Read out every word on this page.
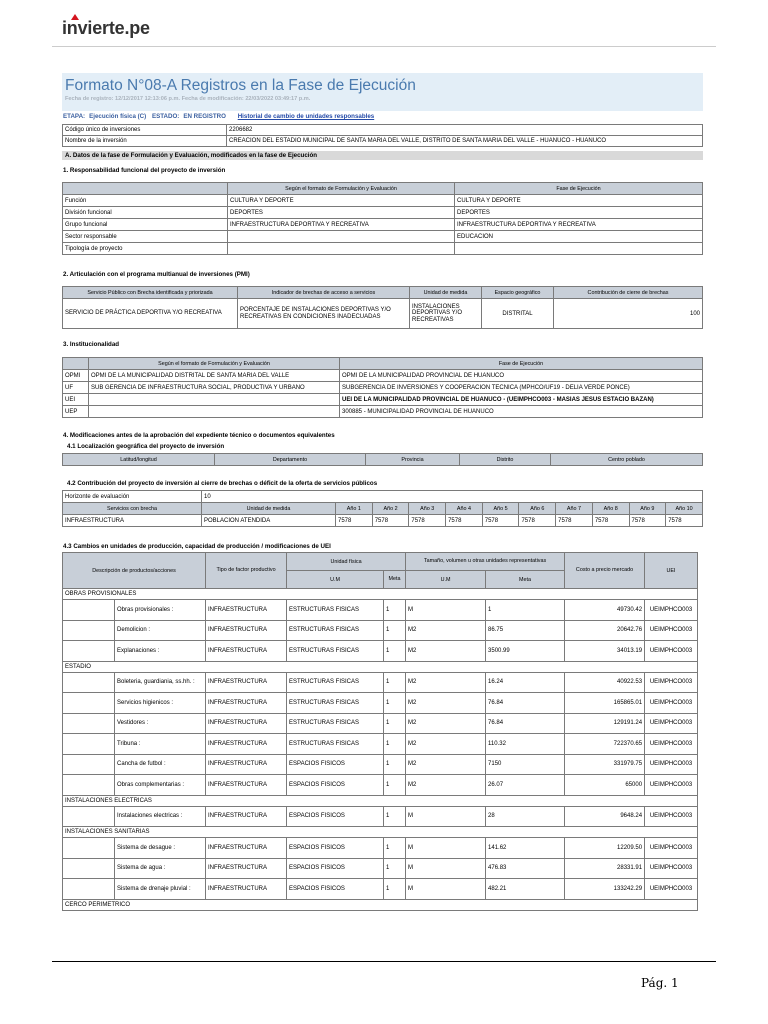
invierte.pe
Formato N°08-A Registros en la Fase de Ejecución
Fecha de registro: 12/12/2017 12:13:06 p.m. Fecha de modificación: 22/03/2022 03:49:17 p.m.
ETAPA: Ejecución física (C) ESTADO: EN REGISTRO Historial de cambio de unidades responsables
Código único de inversiones	2206682
Nombre de la inversión	CREACION DEL ESTADIO MUNICIPAL DE SANTA MARIA DEL VALLE, DISTRITO DE SANTA MARIA DEL VALLE - HUANUCO - HUANUCO
A. Datos de la fase de Formulación y Evaluación, modificados en la fase de Ejecución
1. Responsabilidad funcional del proyecto de inversión
	Según el formato de Formulación y Evaluación	Fase de Ejecución
Función	CULTURA Y DEPORTE	CULTURA Y DEPORTE
División funcional	DEPORTES	DEPORTES
Grupo funcional	INFRAESTRUCTURA DEPORTIVA Y RECREATIVA	INFRAESTRUCTURA DEPORTIVA Y RECREATIVA
Sector responsable		EDUCACION
Tipología de proyecto		
2. Articulación con el programa multianual de inversiones (PMI)
Servicio Público con Brecha identificada y priorizada	Indicador de brechas de acceso a servicios	Unidad de medida	Espacio geográfico	Contribución de cierre de brechas
SERVICIO DE PRÁCTICA DEPORTIVA Y/O RECREATIVA	PORCENTAJE DE INSTALACIONES DEPORTIVAS Y/O RECREATIVAS EN CONDICIONES INADECUADAS	INSTALACIONES DEPORTIVAS Y/O RECREATIVAS	DISTRITAL	100
3. Institucionalidad
	Según el formato de Formulación y Evaluación	Fase de Ejecución
OPMI	OPMI DE LA MUNICIPALIDAD DISTRITAL DE SANTA MARIA DEL VALLE	OPMI DE LA MUNICIPALIDAD PROVINCIAL DE HUANUCO
UF	SUB GERENCIA DE INFRAESTRUCTURA SOCIAL, PRODUCTIVA Y URBANO	SUBGERENCIA DE INVERSIONES Y COOPERACION TECNICA (MPHCO/UF19 - DELIA VERDE PONCE)
UEI		UEI DE LA MUNICIPALIDAD PROVINCIAL DE HUANUCO - (UEIMPHCO003 - MASIAS JESUS ESTACIO BAZAN)
UEP		300885 - MUNICIPALIDAD PROVINCIAL DE HUANUCO
4. Modificaciones antes de la aprobación del expediente técnico o documentos equivalentes
4.1 Localización geográfica del proyecto de inversión
Latitud/longitud	Departamento	Provincia	Distrito	Centro poblado
4.2 Contribución del proyecto de inversión al cierre de brechas o déficit de la oferta de servicios públicos
Horizonte de evaluación	10										
Servicios con brecha	Unidad de medida	Año 1	Año 2	Año 3	Año 4	Año 5	Año 6	Año 7	Año 8	Año 9	Año 10
INFRAESTRUCTURA	POBLACION ATENDIDA	7578	7578	7578	7578	7578	7578	7578	7578	7578	7578
4.3 Cambios en unidades de producción, capacidad de producción / modificaciones de UEI
Descripción de productos/acciones		Tipo de factor productivo	Unidad física		Tamaño, volumen u otras unidades representativas		Costo a precio mercado	UEI
			U.M	Meta	U.M	Meta		
OBRAS PROVISIONALES								
	Obras provisionales :	INFRAESTRUCTURA	ESTRUCTURAS FISICAS	1	M	1	49730.42	UEIMPHCO003
	Demolicion :	INFRAESTRUCTURA	ESTRUCTURAS FISICAS	1	M2	86.75	20642.76	UEIMPHCO003
	Explanaciones :	INFRAESTRUCTURA	ESTRUCTURAS FISICAS	1	M2	3500.99	34013.19	UEIMPHCO003
ESTADIO								
	Boleteria, guardiania, ss.hh. :	INFRAESTRUCTURA	ESTRUCTURAS FISICAS	1	M2	16.24	40922.53	UEIMPHCO003
	Servicios higienicos :	INFRAESTRUCTURA	ESTRUCTURAS FISICAS	1	M2	76.84	165865.01	UEIMPHCO003
	Vestidores :	INFRAESTRUCTURA	ESTRUCTURAS FISICAS	1	M2	76.84	129191.24	UEIMPHCO003
	Tribuna :	INFRAESTRUCTURA	ESTRUCTURAS FISICAS	1	M2	110.32	722370.65	UEIMPHCO003
	Cancha de futbol :	INFRAESTRUCTURA	ESPACIOS FISICOS	1	M2	7150	331979.75	UEIMPHCO003
	Obras complementarias :	INFRAESTRUCTURA	ESPACIOS FISICOS	1	M2	26.07	65000	UEIMPHCO003
INSTALACIONES ELECTRICAS								
	Instalaciones electricas :	INFRAESTRUCTURA	ESPACIOS FISICOS	1	M	28	9648.24	UEIMPHCO003
INSTALACIONES SANITARIAS								
	Sistema de desague :	INFRAESTRUCTURA	ESPACIOS FISICOS	1	M	141.62	12209.50	UEIMPHCO003
	Sistema de agua :	INFRAESTRUCTURA	ESPACIOS FISICOS	1	M	476.83	28331.91	UEIMPHCO003
	Sistema de drenaje pluvial :	INFRAESTRUCTURA	ESPACIOS FISICOS	1	M	482.21	133242.29	UEIMPHCO003
CERCO PERIMETRICO								
Pág. 1
